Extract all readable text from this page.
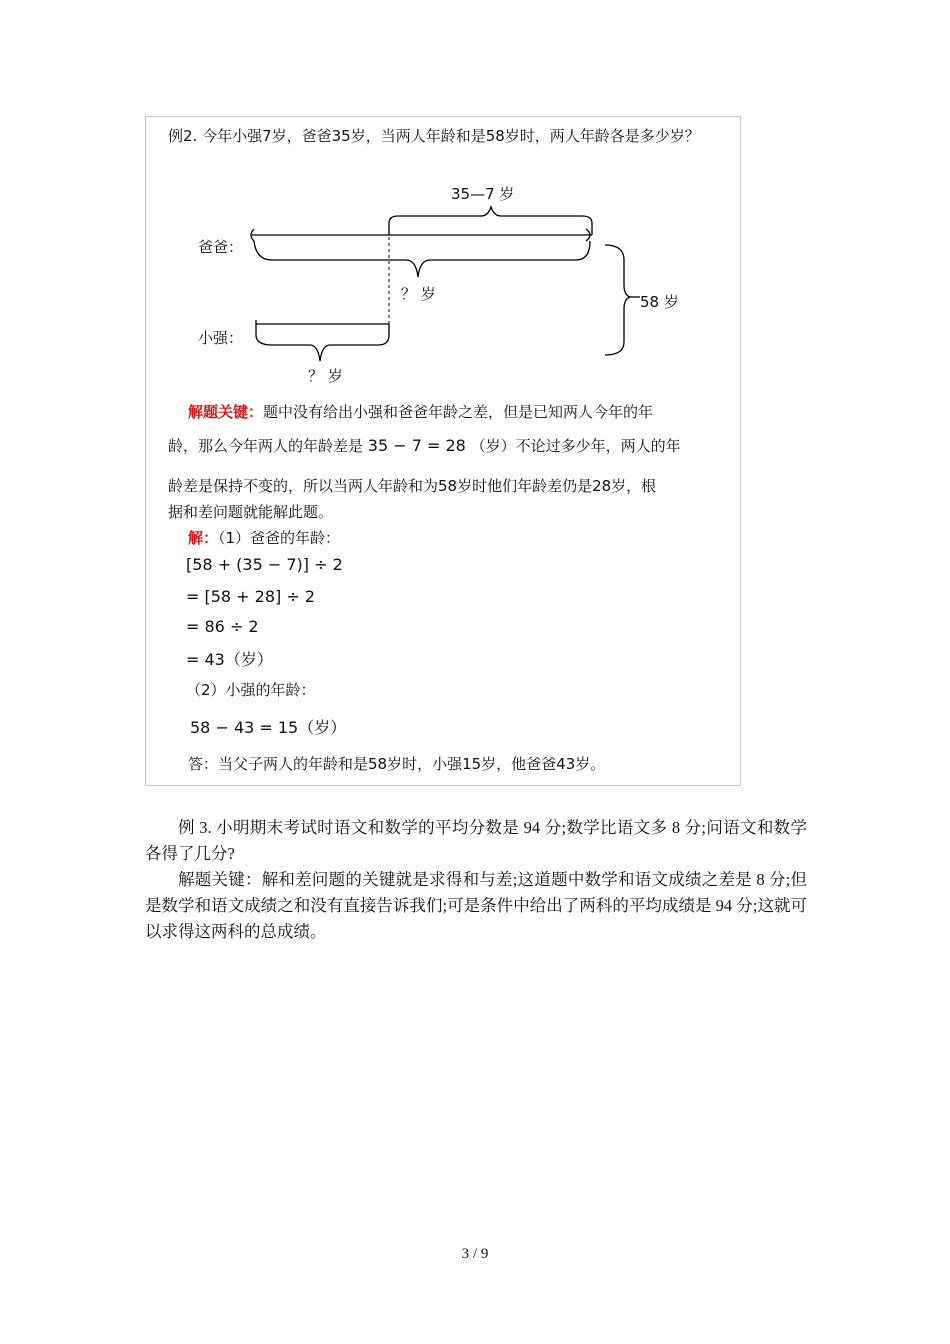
例2. 今年小强7岁，爸爸35岁，当两人年龄和是58岁时，两人年龄各是多少岁？
35—7 岁
爸爸：
？ 岁	58 岁
小强：
？ 岁
解题关键：题中没有给出小强和爸爸年龄之差，但是已知两人今年的年
龄，那么今年两人的年龄差是 35 − 7 = 28 （岁）不论过多少年，两人的年
龄差是保持不变的，所以当两人年龄和为58岁时他们年龄差仍是28岁，根
据和差问题就能解此题。
解：（1）爸爸的年龄：
[58 + (35 − 7)] ÷ 2
= [58 + 28] ÷ 2
= 86 ÷ 2
= 43（岁）
（2）小强的年龄：
58 − 43 = 15（岁）
答：当父子两人的年龄和是58岁时，小强15岁，他爸爸43岁。

例 3. 小明期末考试时语文和数学的平均分数是 94 分;数学比语文多 8 分;问语文和数学各得了几分?

解题关键：解和差问题的关键就是求得和与差;这道题中数学和语文成绩之差是 8 分;但是数学和语文成绩之和没有直接告诉我们;可是条件中给出了两科的平均成绩是 94 分;这就可以求得这两科的总成绩。

3 / 9
